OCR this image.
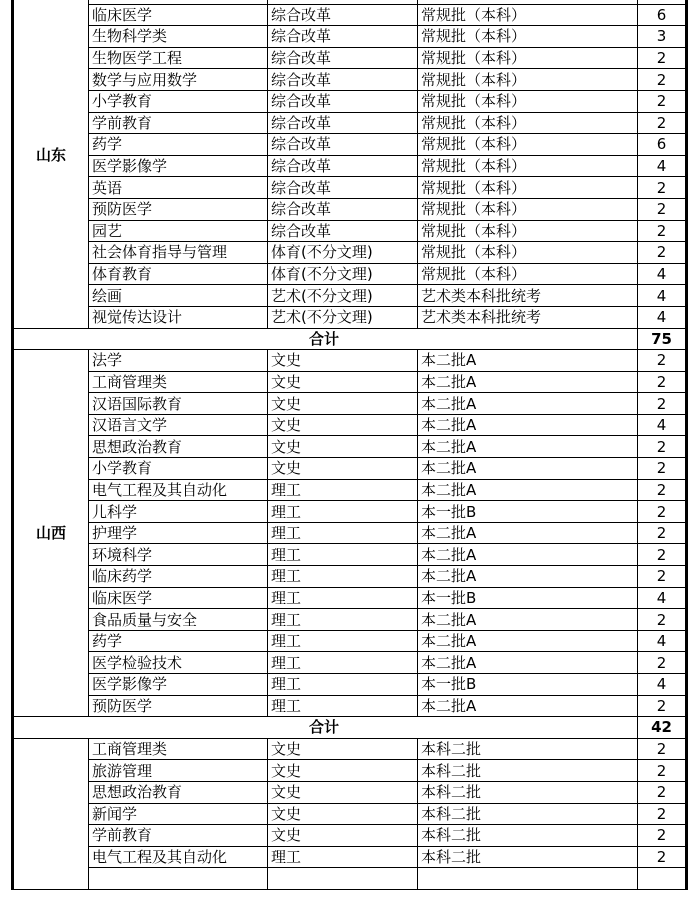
山东				
	临床医学	综合改革	常规批（本科）	6
	生物科学类	综合改革	常规批（本科）	3
	生物医学工程	综合改革	常规批（本科）	2
	数学与应用数学	综合改革	常规批（本科）	2
	小学教育	综合改革	常规批（本科）	2
	学前教育	综合改革	常规批（本科）	2
	药学	综合改革	常规批（本科）	6
	医学影像学	综合改革	常规批（本科）	4
	英语	综合改革	常规批（本科）	2
	预防医学	综合改革	常规批（本科）	2
	园艺	综合改革	常规批（本科）	2
	社会体育指导与管理	体育(不分文理)	常规批（本科）	2
	体育教育	体育(不分文理)	常规批（本科）	4
	绘画	艺术(不分文理)	艺术类本科批统考	4
	视觉传达设计	艺术(不分文理)	艺术类本科批统考	4
合计				75
山西	法学	文史	本二批A	2
	工商管理类	文史	本二批A	2
	汉语国际教育	文史	本二批A	2
	汉语言文学	文史	本二批A	4
	思想政治教育	文史	本二批A	2
	小学教育	文史	本二批A	2
	电气工程及其自动化	理工	本二批A	2
	儿科学	理工	本一批B	2
	护理学	理工	本二批A	2
	环境科学	理工	本二批A	2
	临床药学	理工	本二批A	2
	临床医学	理工	本一批B	4
	食品质量与安全	理工	本二批A	2
	药学	理工	本二批A	4
	医学检验技术	理工	本二批A	2
	医学影像学	理工	本一批B	4
	预防医学	理工	本二批A	2
合计				42
	工商管理类	文史	本科二批	2
	旅游管理	文史	本科二批	2
	思想政治教育	文史	本科二批	2
	新闻学	文史	本科二批	2
	学前教育	文史	本科二批	2
	电气工程及其自动化	理工	本科二批	2
